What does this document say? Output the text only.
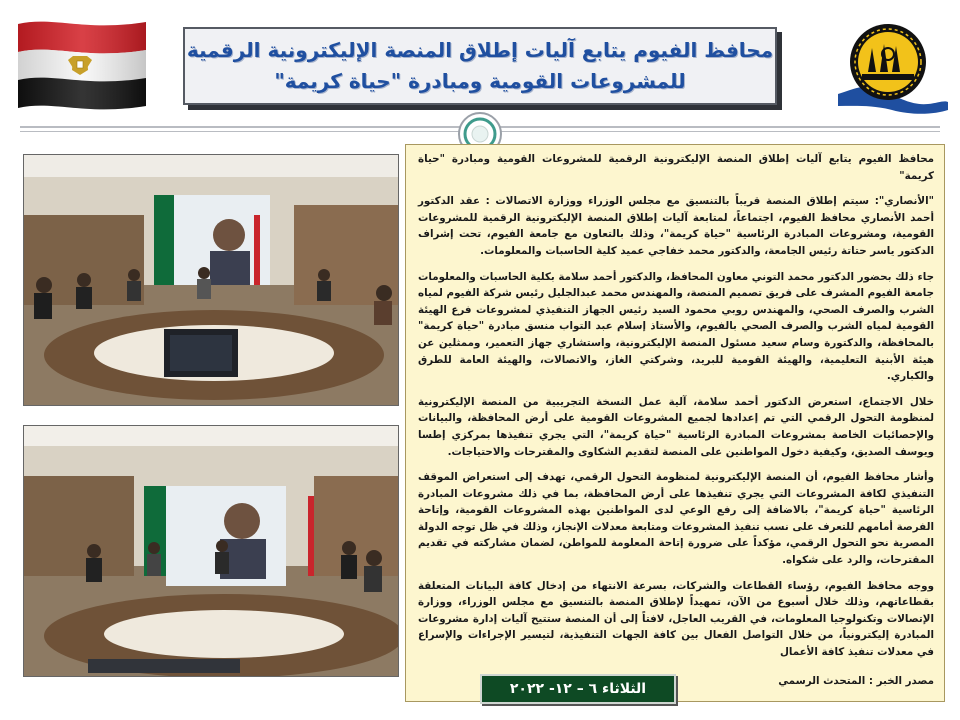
محافظ الفيوم يتابع آليات إطلاق المنصة الإليكترونية الرقمية
للمشروعات القومية ومبادرة "حياة كريمة"

محافظ الفيوم يتابع آليات إطلاق المنصة الإليكترونية الرقمية للمشروعات القومية ومبادرة "حياة كريمة"

"الأنصاري": سيتم إطلاق المنصة قريباً بالتنسيق مع مجلس الوزراء ووزارة الاتصالات : عقد الدكتور أحمد الأنصاري محافظ الفيوم، اجتماعاً، لمتابعة آليات إطلاق المنصة الإليكترونية الرقمية للمشروعات القومية، ومشروعات المبادرة الرئاسية "حياة كريمة"، وذلك بالتعاون مع جامعة الفيوم، تحت إشراف الدكتور ياسر حتاتة رئيس الجامعة، والدكتور محمد خفاجي عميد كلية الحاسبات والمعلومات.

جاء ذلك بحضور الدكتور محمد التوني معاون المحافظ، والدكتور أحمد سلامة بكلية الحاسبات والمعلومات جامعة الفيوم المشرف على فريق تصميم المنصة، والمهندس محمد عبدالجليل رئيس شركة الفيوم لمياه الشرب والصرف الصحي، والمهندس روبي محمود السيد رئيس الجهاز التنفيذي لمشروعات فرع الهيئة القومية لمياه الشرب والصرف الصحي بالفيوم، والأستاذ إسلام عبد التواب منسق مبادرة "حياة كريمة" بالمحافظة، والدكتورة وسام سعيد مسئول المنصة الإليكترونية، واستشاري جهاز التعمير، وممثلين عن هيئة الأبنية التعليمية، والهيئة القومية للبريد، وشركتي الغاز، والاتصالات، والهيئة العامة للطرق والكباري.

خلال الاجتماع، استعرض الدكتور أحمد سلامة، آلية عمل النسخة التجريبية من المنصة الإليكترونية لمنظومة التحول الرقمي التي تم إعدادها لجميع المشروعات القومية على أرض المحافظة، والبيانات والإحصائيات الخاصة بمشروعات المبادرة الرئاسية "حياة كريمة"، التي يجري تنفيذها بمركزي إطسا ويوسف الصديق، وكيفية دخول المواطنين على المنصة لتقديم الشكاوى والمقترحات والاحتياجات.

وأشار محافظ الفيوم، أن المنصة الإليكترونية لمنظومة التحول الرقمي، تهدف إلى استعراض الموقف التنفيذي لكافة المشروعات التي يجري تنفيذها على أرض المحافظة، بما في ذلك مشروعات المبادرة الرئاسية "حياة كريمة"، بالاضافة إلى رفع الوعي لدى المواطنين بهذه المشروعات القومية، وإتاحة الفرصة أمامهم للتعرف على نسب تنفيذ المشروعات ومتابعة معدلات الإنجاز، وذلك في ظل توجه الدولة المصرية نحو التحول الرقمي، مؤكداً على ضرورة إتاحة المعلومة للمواطن، لضمان مشاركته في تقديم المقترحات، والرد على شكواه.

ووجه محافظ الفيوم، رؤساء القطاعات والشركات، بسرعة الانتهاء من إدخال كافة البيانات المتعلقة بقطاعاتهم، وذلك خلال أسبوع من الآن، تمهيداً لإطلاق المنصة بالتنسيق مع مجلس الوزراء، ووزارة الإتصالات وتكنولوجيا المعلومات، في القريب العاجل، لافتاً إلى أن المنصة ستتيح آليات إدارة مشروعات المبادرة إليكترونياً، من خلال التواصل الفعال بين كافة الجهات التنفيذية، لتيسير الإجراءات والإسراع في معدلات تنفيذ كافة الأعمال

مصدر الخبر : المتحدث الرسمي

الثلاثاء ٦ – ١٢- ٢٠٢٢
